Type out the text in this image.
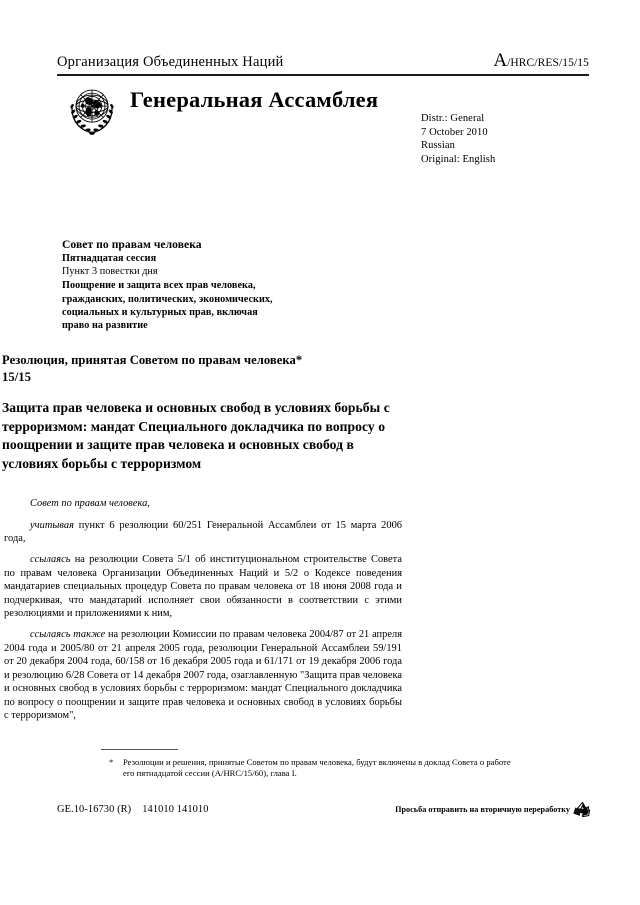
Организация Объединенных Наций	A/HRC/RES/15/15
Генеральная Ассамблея
Distr.: General
7 October 2010
Russian
Original: English
Совет по правам человека
Пятнадцатая сессия
Пункт 3 повестки дня
Поощрение и защита всех прав человека,
гражданских, политических, экономических,
социальных и культурных прав, включая
право на развитие
Резолюция, принятая Советом по правам человека*
15/15
Защита прав человека и основных свобод в условиях борьбы с терроризмом: мандат Специального докладчика по вопросу о поощрении и защите прав человека и основных свобод в условиях борьбы с терроризмом

Совет по правам человека,

учитывая пункт 6 резолюции 60/251 Генеральной Ассамблеи от 15 марта 2006 года,

ссылаясь на резолюции Совета 5/1 об институциональном строительстве Совета по правам человека Организации Объединенных Наций и 5/2 о Кодексе поведения мандатариев специальных процедур Совета по правам человека от 18 июня 2008 года и подчеркивая, что мандатарий исполняет свои обязанности в соответствии с этими резолюциями и приложениями к ним,

ссылаясь также на резолюции Комиссии по правам человека 2004/87 от 21 апреля 2004 года и 2005/80 от 21 апреля 2005 года, резолюции Генеральной Ассамблеи 59/191 от 20 декабря 2004 года, 60/158 от 16 декабря 2005 года и 61/171 от 19 декабря 2006 года и резолюцию 6/28 Совета от 14 декабря 2007 года, озаглавленную "Защита прав человека и основных свобод в условиях борьбы с терроризмом: мандат Специального докладчика по вопросу о поощрении и защите прав человека и основных свобод в условиях борьбы с терроризмом",

*	Резолюции и решения, принятые Советом по правам человека, будут включены в доклад Совета о работе его пятнадцатой сессии (A/HRC/15/60), глава I.
GE.10-16730 (R) 141010 141010	Просьба отправить на вторичную переработку
